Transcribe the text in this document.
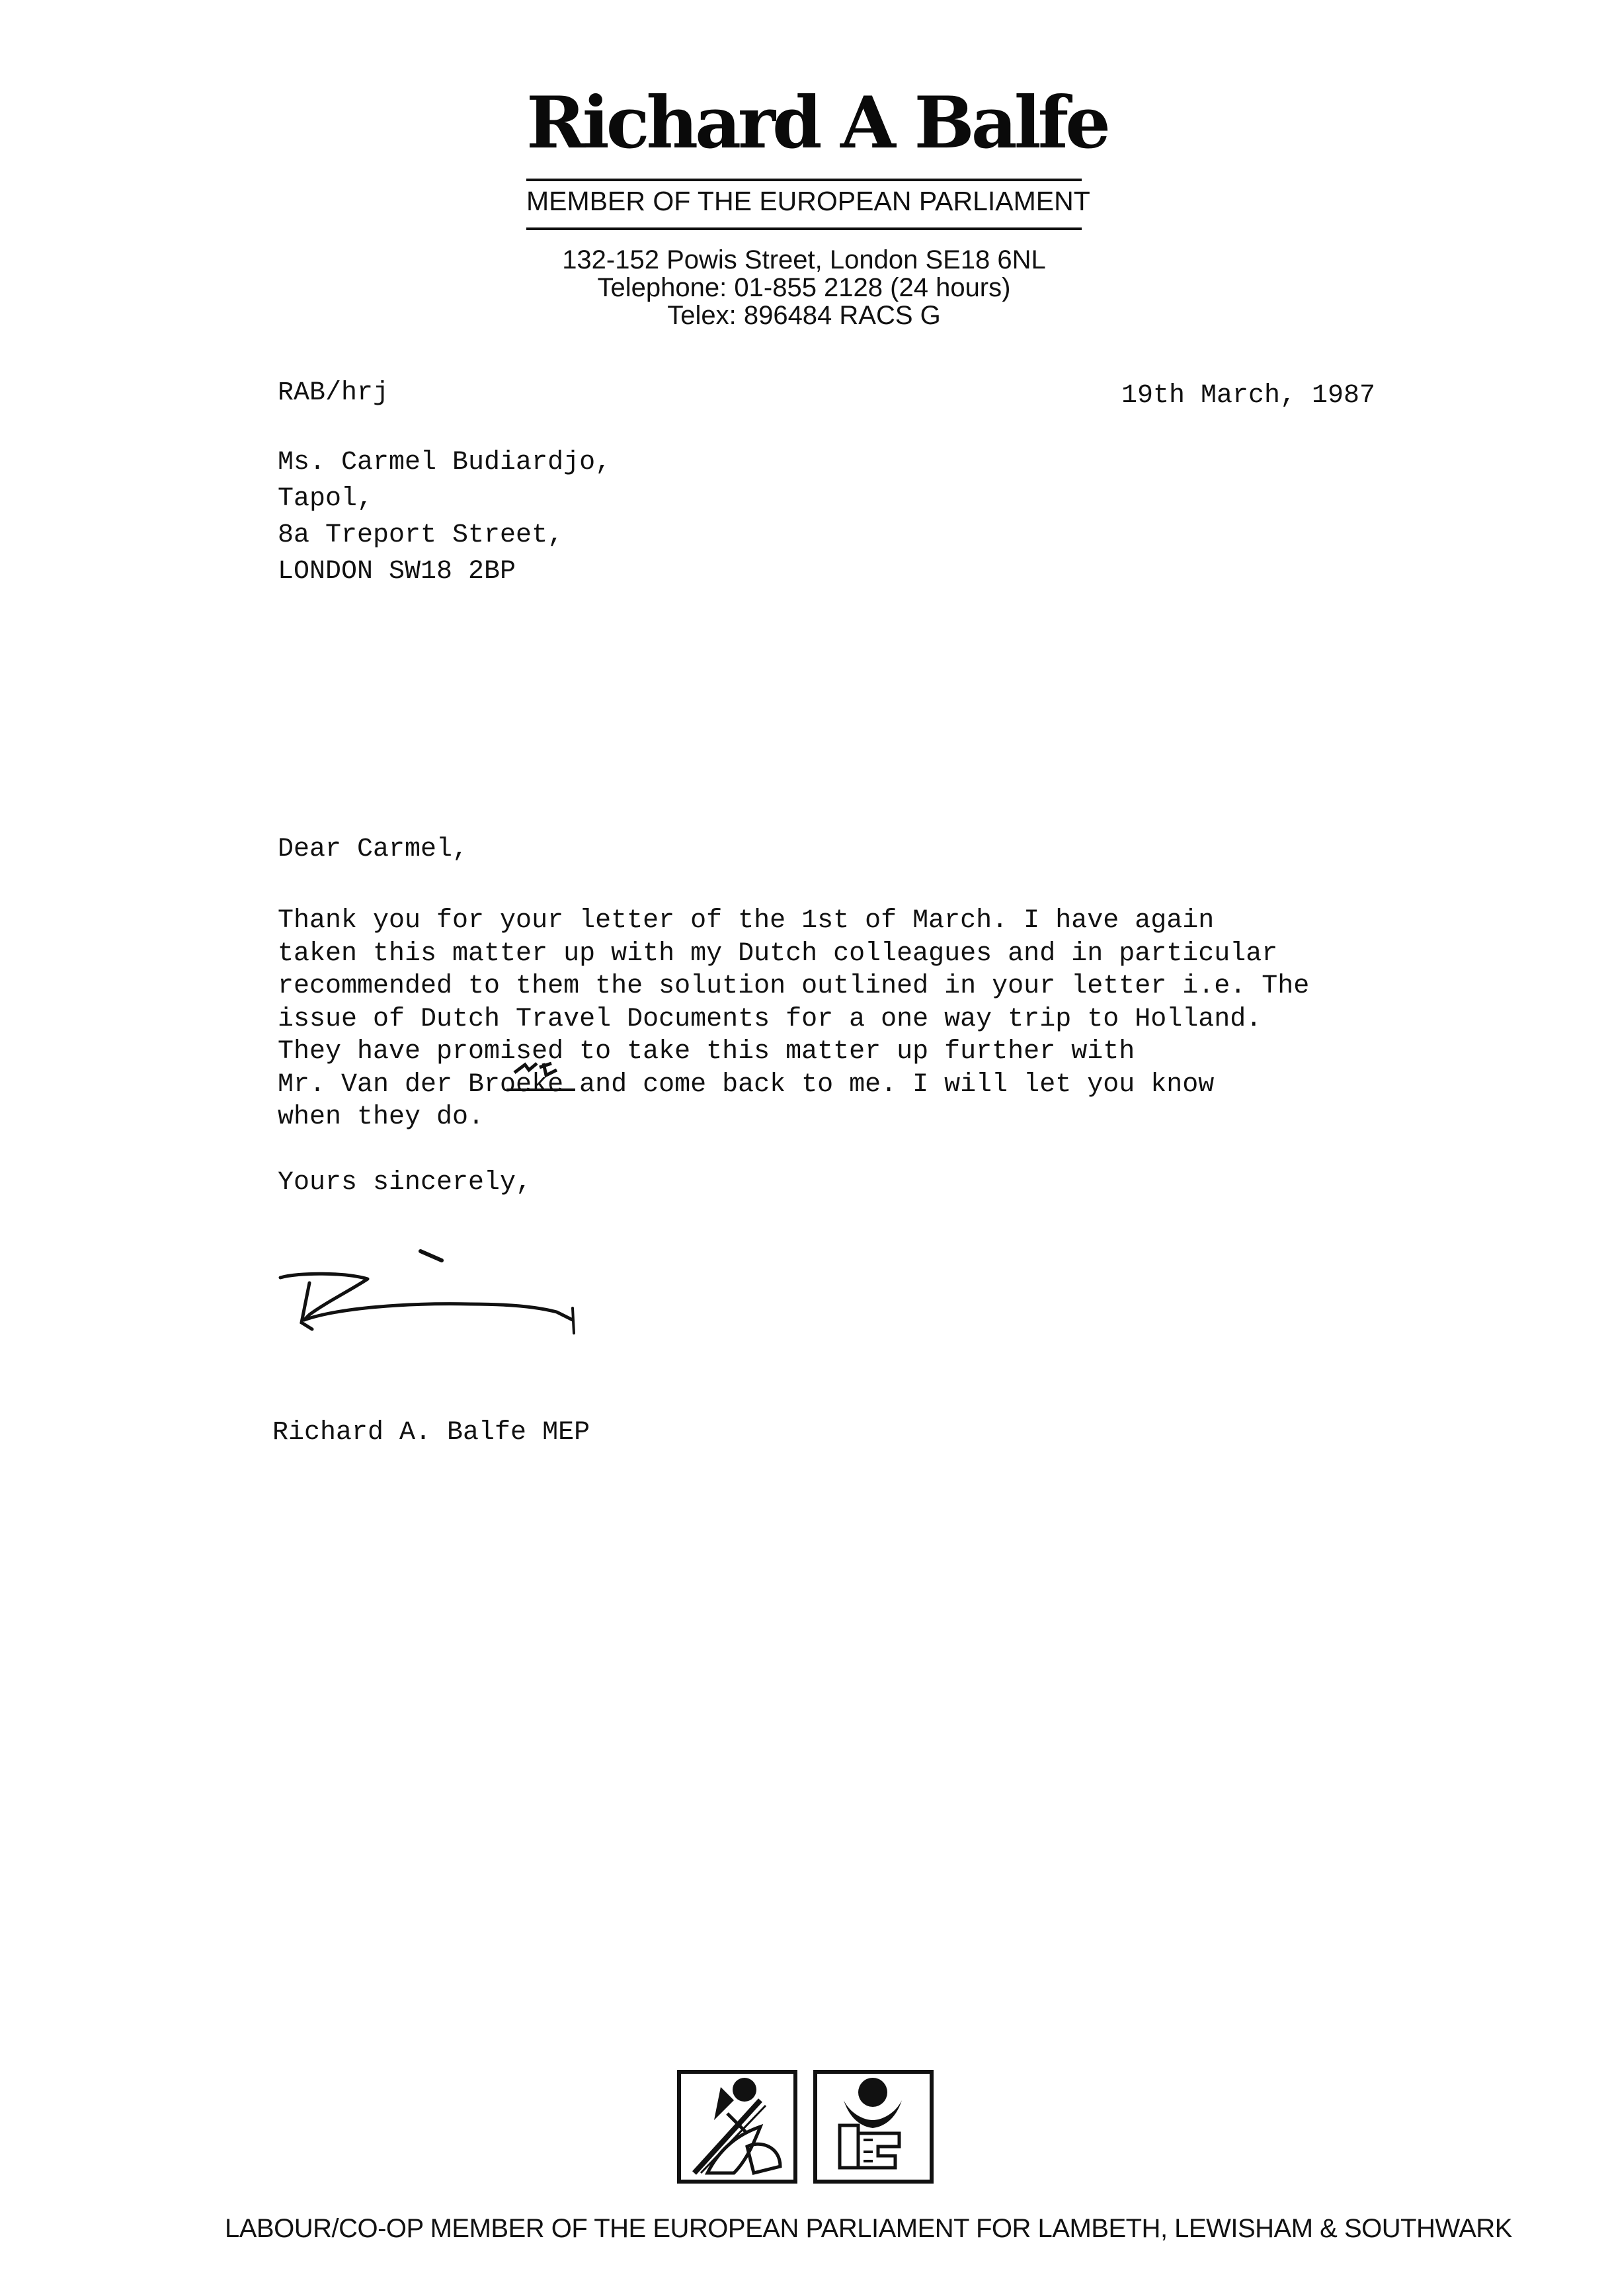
Richard A Balfe
MEMBER OF THE EUROPEAN PARLIAMENT
132-152 Powis Street, London SE18 6NL
Telephone: 01-855 2128 (24 hours)
Telex: 896484 RACS G
RAB/hrj	19th March, 1987
Ms. Carmel Budiardjo,
Tapol,
8a Treport Street,
LONDON SW18 2BP
Dear Carmel,
Thank you for your letter of the 1st of March. I have again
taken this matter up with my Dutch colleagues and in particular
recommended to them the solution outlined in your letter i.e. The
issue of Dutch Travel Documents for a one way trip to Holland.
They have promised to take this matter up further with
Mr. Van der Broeke and come back to me. I will let you know
when they do.
Yours sincerely,
Richard A. Balfe MEP
LABOUR/CO-OP MEMBER OF THE EUROPEAN PARLIAMENT FOR LAMBETH, LEWISHAM & SOUTHWARK
